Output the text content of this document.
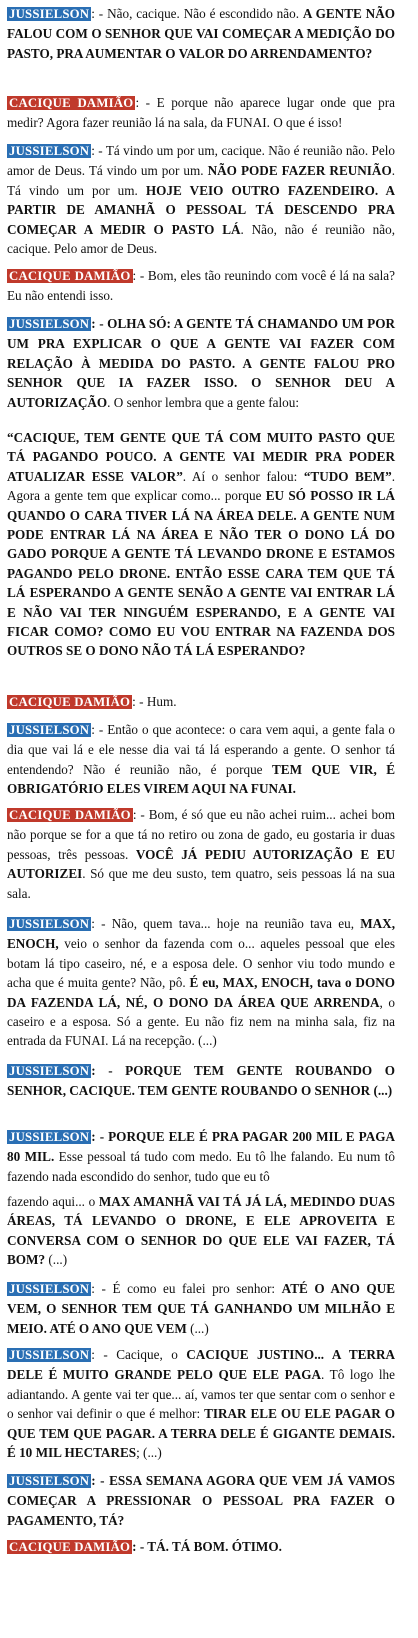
JUSSIELSON : - Não, cacique. Não é escondido não. A GENTE NÃO FALOU COM O SENHOR QUE VAI COMEÇAR A MEDIÇÃO DO PASTO, PRA AUMENTAR O VALOR DO ARRENDAMENTO?
CACIQUE DAMIÃO : - E porque não aparece lugar onde que pra medir? Agora fazer reunião lá na sala, da FUNAI. O que é isso!
JUSSIELSON : - Tá vindo um por um, cacique. Não é reunião não. Pelo amor de Deus. Tá vindo um por um. NÃO PODE FAZER REUNIÃO. Tá vindo um por um. HOJE VEIO OUTRO FAZENDEIRO. A PARTIR DE AMANHÃ O PESSOAL TÁ DESCENDO PRA COMEÇAR A MEDIR O PASTO LÁ. Não, não é reunião não, cacique. Pelo amor de Deus.
CACIQUE DAMIÃO : - Bom, eles tão reunindo com você é lá na sala? Eu não entendi isso.
JUSSIELSON : - OLHA SÓ: A GENTE TÁ CHAMANDO UM POR UM PRA EXPLICAR O QUE A GENTE VAI FAZER COM RELAÇÃO À MEDIDA DO PASTO. A GENTE FALOU PRO SENHOR QUE IA FAZER ISSO. O SENHOR DEU A AUTORIZAÇÃO. O senhor lembra que a gente falou:
“CACIQUE, TEM GENTE QUE TÁ COM MUITO PASTO QUE TÁ PAGANDO POUCO. A GENTE VAI MEDIR PRA PODER ATUALIZAR ESSE VALOR”. Aí o senhor falou: “TUDO BEM”. Agora a gente tem que explicar como... porque EU SÓ POSSO IR LÁ QUANDO O CARA TIVER LÁ NA ÁREA DELE. A GENTE NUM PODE ENTRAR LÁ NA ÁREA E NÃO TER O DONO LÁ DO GADO PORQUE A GENTE TÁ LEVANDO DRONE E ESTAMOS PAGANDO PELO DRONE. ENTÃO ESSE CARA TEM QUE TÁ LÁ ESPERANDO A GENTE SENÃO A GENTE VAI ENTRAR LÁ E NÃO VAI TER NINGUÉM ESPERANDO, E A GENTE VAI FICAR COMO? COMO EU VOU ENTRAR NA FAZENDA DOS OUTROS SE O DONO NÃO TÁ LÁ ESPERANDO?
CACIQUE DAMIÃO : - Hum.
JUSSIELSON : - Então o que acontece: o cara vem aqui, a gente fala o dia que vai lá e ele nesse dia vai tá lá esperando a gente. O senhor tá entendendo? Não é reunião não, é porque TEM QUE VIR, É OBRIGATÓRIO ELES VIREM AQUI NA FUNAI.
CACIQUE DAMIÃO : - Bom, é só que eu não achei ruim... achei bom não porque se for a que tá no retiro ou zona de gado, eu gostaria ir duas pessoas, três pessoas. VOCÊ JÁ PEDIU AUTORIZAÇÃO E EU AUTORIZEI. Só que me deu susto, tem quatro, seis pessoas lá na sua sala.
JUSSIELSON : - Não, quem tava... hoje na reunião tava eu, MAX, ENOCH, veio o senhor da fazenda com o... aqueles pessoal que eles botam lá tipo caseiro, né, e a esposa dele. O senhor viu todo mundo e acha que é muita gente? Não, pô. É eu, MAX, ENOCH, tava o DONO DA FAZENDA LÁ, NÉ, O DONO DA ÁREA QUE ARRENDA, o caseiro e a esposa. Só a gente. Eu não fiz nem na minha sala, fiz na entrada da FUNAI. Lá na recepção. (...)
JUSSIELSON : - PORQUE TEM GENTE ROUBANDO O SENHOR, CACIQUE. TEM GENTE ROUBANDO O SENHOR (...)
JUSSIELSON : - PORQUE ELE É PRA PAGAR 200 MIL E PAGA 80 MIL. Esse pessoal tá tudo com medo. Eu tô lhe falando. Eu num tô fazendo nada escondido do senhor, tudo que eu tô
fazendo aqui... o MAX AMANHÃ VAI TÁ JÁ LÁ, MEDINDO DUAS ÁREAS, TÁ LEVANDO O DRONE, E ELE APROVEITA E CONVERSA COM O SENHOR DO QUE ELE VAI FAZER, TÁ BOM? (...)
JUSSIELSON : - É como eu falei pro senhor: ATÉ O ANO QUE VEM, O SENHOR TEM QUE TÁ GANHANDO UM MILHÃO E MEIO. ATÉ O ANO QUE VEM (...)
JUSSIELSON : - Cacique, o CACIQUE JUSTINO... A TERRA DELE É MUITO GRANDE PELO QUE ELE PAGA. Tô logo lhe adiantando. A gente vai ter que... aí, vamos ter que sentar com o senhor e o senhor vai definir o que é melhor: TIRAR ELE OU ELE PAGAR O QUE TEM QUE PAGAR. A TERRA DELE É GIGANTE DEMAIS. É 10 MIL HECTARES; (...)
JUSSIELSON : - ESSA SEMANA AGORA QUE VEM JÁ VAMOS COMEÇAR A PRESSIONAR O PESSOAL PRA FAZER O PAGAMENTO, TÁ?
CACIQUE DAMIÃO : - TÁ. TÁ BOM. ÓTIMO.
